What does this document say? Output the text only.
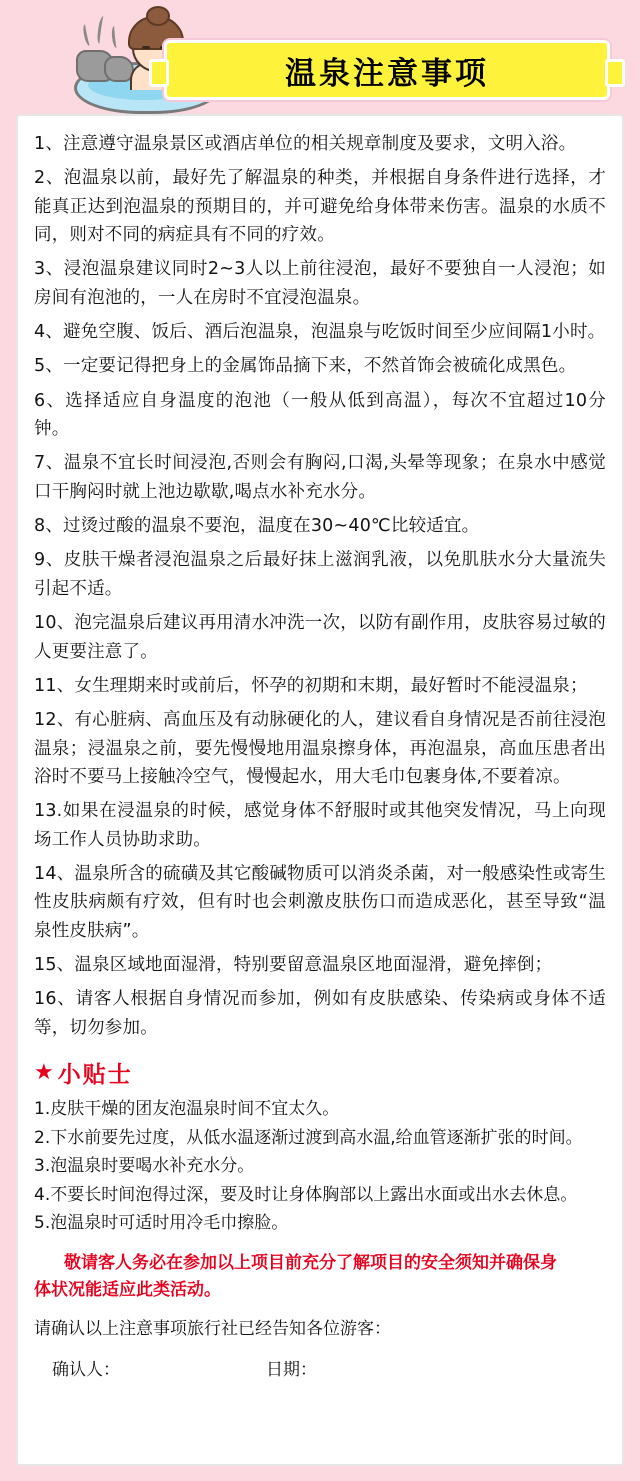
温泉注意事项

1、注意遵守温泉景区或酒店单位的相关规章制度及要求，文明入浴。

2、泡温泉以前，最好先了解温泉的种类，并根据自身条件进行选择，才能真正达到泡温泉的预期目的，并可避免给身体带来伤害。温泉的水质不同，则对不同的病症具有不同的疗效。

3、浸泡温泉建议同时2~3人以上前往浸泡，最好不要独自一人浸泡；如房间有泡池的，一人在房时不宜浸泡温泉。

4、避免空腹、饭后、酒后泡温泉，泡温泉与吃饭时间至少应间隔1小时。

5、一定要记得把身上的金属饰品摘下来，不然首饰会被硫化成黑色。

6、选择适应自身温度的泡池（一般从低到高温），每次不宜超过10分钟。

7、温泉不宜长时间浸泡,否则会有胸闷,口渴,头晕等现象；在泉水中感觉口干胸闷时就上池边歇歇,喝点水补充水分。

8、过烫过酸的温泉不要泡，温度在30~40℃比较适宜。

9、皮肤干燥者浸泡温泉之后最好抹上滋润乳液，以免肌肤水分大量流失引起不适。

10、泡完温泉后建议再用清水冲洗一次，以防有副作用，皮肤容易过敏的人更要注意了。

11、女生理期来时或前后，怀孕的初期和末期，最好暂时不能浸温泉；

12、有心脏病、高血压及有动脉硬化的人，建议看自身情况是否前往浸泡温泉；浸温泉之前，要先慢慢地用温泉擦身体，再泡温泉，高血压患者出浴时不要马上接触冷空气，慢慢起水，用大毛巾包裹身体,不要着凉。

13.如果在浸温泉的时候，感觉身体不舒服时或其他突发情况，马上向现场工作人员协助求助。

14、温泉所含的硫磺及其它酸碱物质可以消炎杀菌，对一般感染性或寄生性皮肤病颇有疗效，但有时也会刺激皮肤伤口而造成恶化，甚至导致“温泉性皮肤病”。

15、温泉区域地面湿滑，特别要留意温泉区地面湿滑，避免摔倒；

16、请客人根据自身情况而参加，例如有皮肤感染、传染病或身体不适等，切勿参加。

★ 小贴士

1.皮肤干燥的团友泡温泉时间不宜太久。

2.下水前要先过度，从低水温逐渐过渡到高水温,给血管逐渐扩张的时间。

3.泡温泉时要喝水补充水分。

4.不要长时间泡得过深，要及时让身体胸部以上露出水面或出水去休息。

5.泡温泉时可适时用冷毛巾擦脸。

敬请客人务必在参加以上项目前充分了解项目的安全须知并确保身
体状况能适应此类活动。

请确认以上注意事项旅行社已经告知各位游客：

确认人：	日期：
